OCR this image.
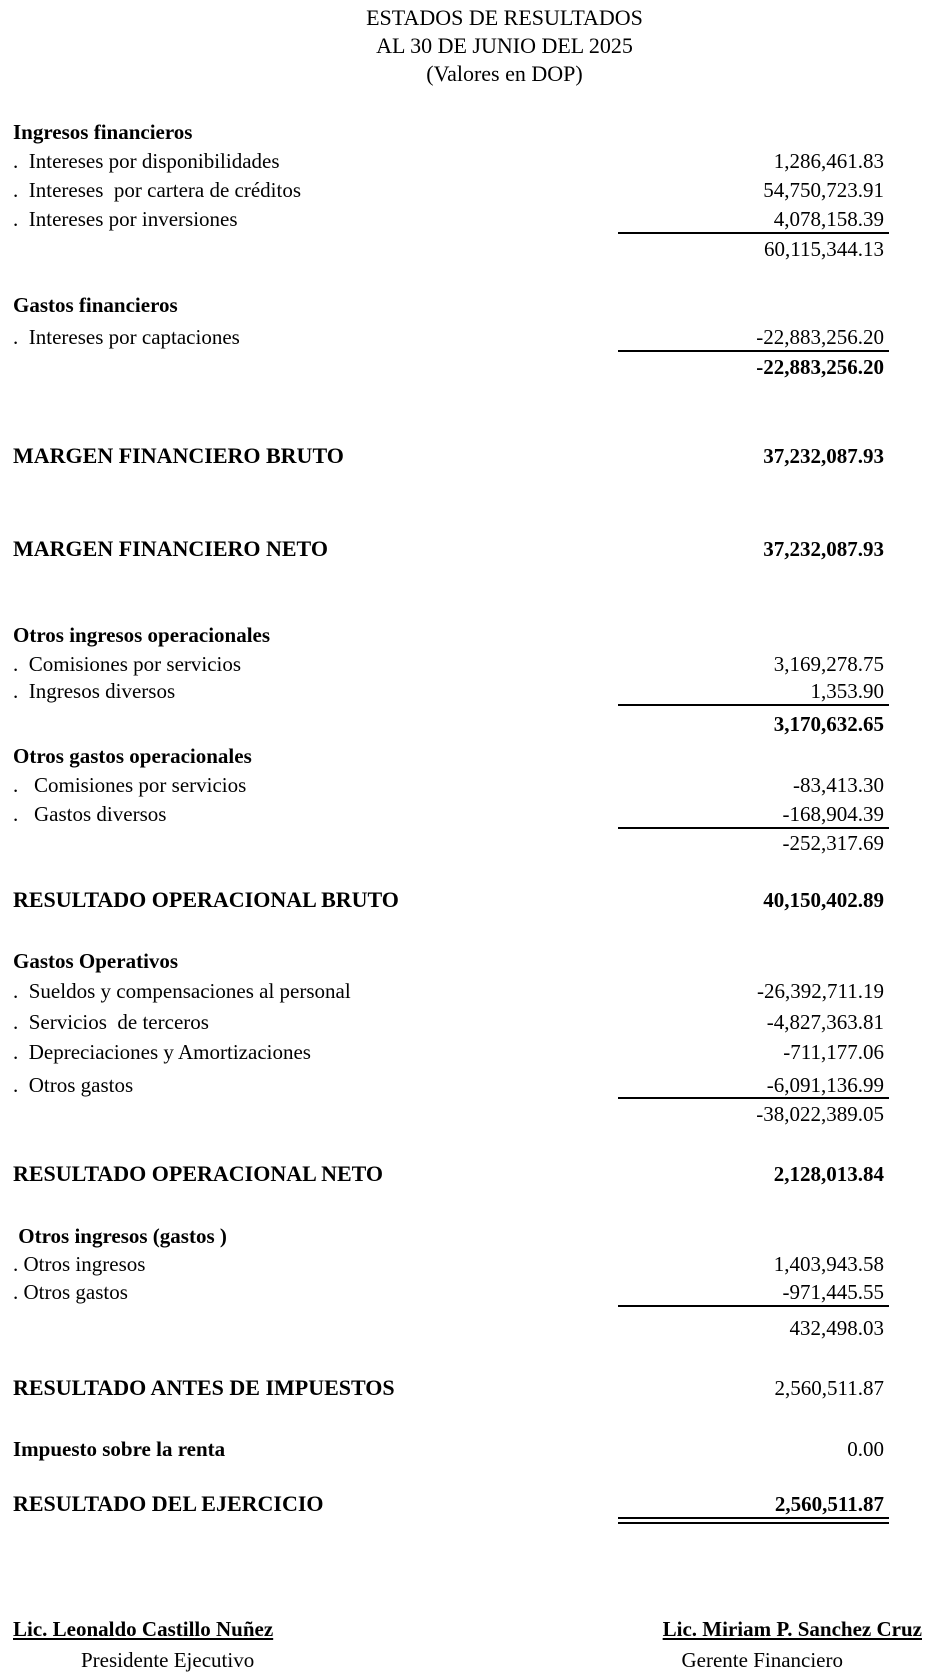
ESTADOS DE RESULTADOS
AL 30 DE JUNIO DEL 2025
(Valores en DOP)
Ingresos financieros
.  Intereses por disponibilidades	1,286,461.83
.  Intereses  por cartera de créditos	54,750,723.91
.  Intereses por inversiones	4,078,158.39
60,115,344.13
Gastos financieros
.  Intereses por captaciones	-22,883,256.20
-22,883,256.20
MARGEN FINANCIERO BRUTO	37,232,087.93
MARGEN FINANCIERO NETO	37,232,087.93
Otros ingresos operacionales
.  Comisiones por servicios	3,169,278.75
.  Ingresos diversos	1,353.90
3,170,632.65
Otros gastos operacionales
.   Comisiones por servicios	-83,413.30
.   Gastos diversos	-168,904.39
-252,317.69
RESULTADO OPERACIONAL BRUTO	40,150,402.89
Gastos Operativos
.  Sueldos y compensaciones al personal	-26,392,711.19
.  Servicios  de terceros	-4,827,363.81
.  Depreciaciones y Amortizaciones	-711,177.06
.  Otros gastos	-6,091,136.99
-38,022,389.05
RESULTADO OPERACIONAL NETO	2,128,013.84
Otros ingresos (gastos )
. Otros ingresos	1,403,943.58
. Otros gastos	-971,445.55
432,498.03
RESULTADO ANTES DE IMPUESTOS	2,560,511.87
Impuesto sobre la renta	0.00
RESULTADO DEL EJERCICIO	2,560,511.87
Lic. Leonaldo Castillo Nuñez
Presidente Ejecutivo
Lic. Miriam P. Sanchez Cruz
Gerente Financiero
